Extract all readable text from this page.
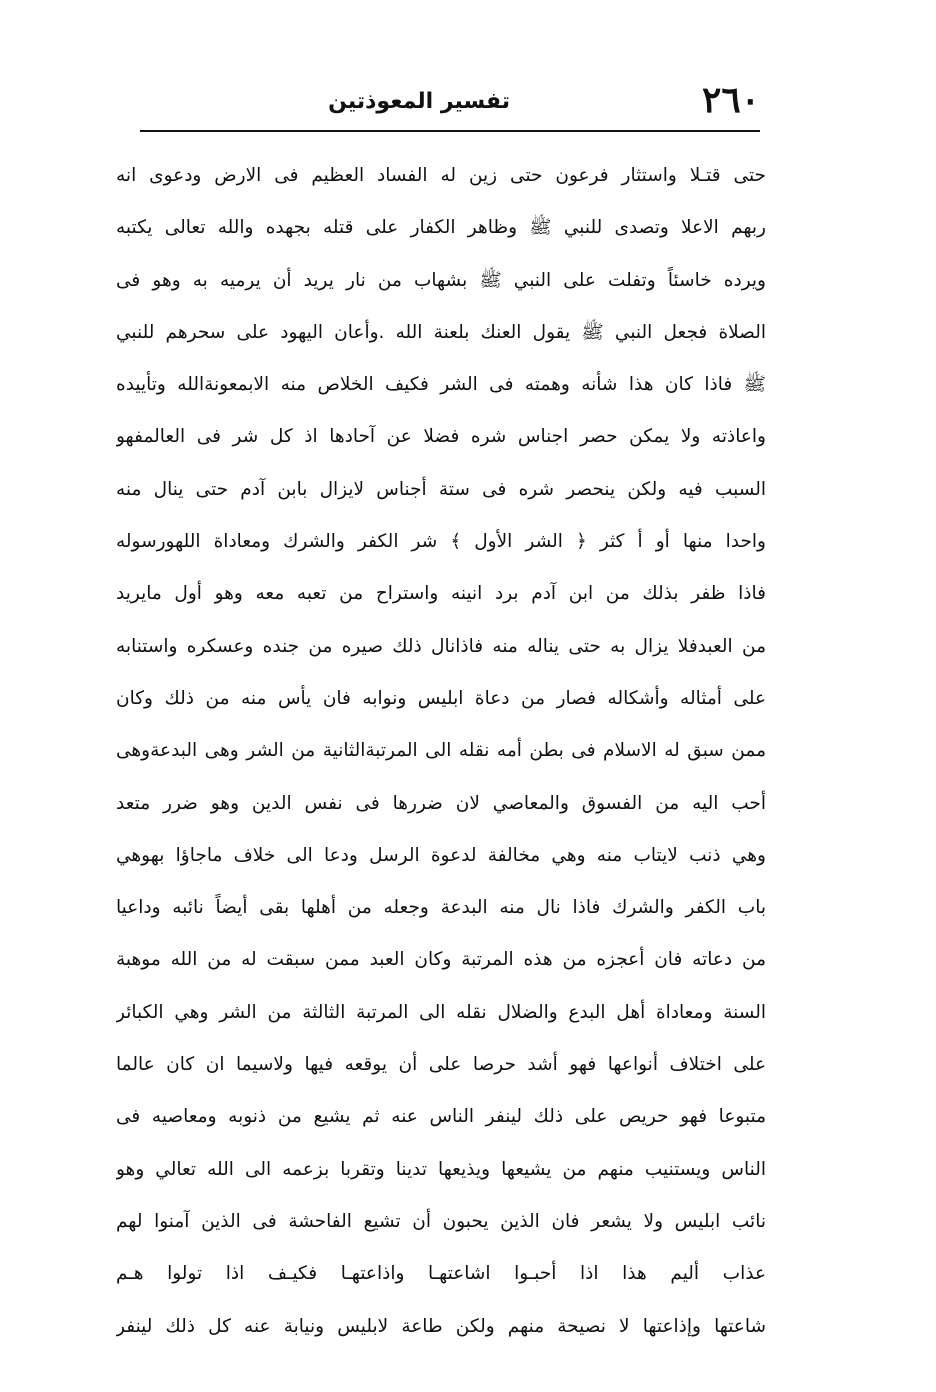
٢٦٠
تفسير المعوذتين
حتى قتـلا واستثار فرعون حتى زين له الفساد العظيم فى الارض ودعوى انه
ربهم الاعلا وتصدى للنبي ﷺ وظاهر الكفار على قتله بجهده والله تعالى يكتبه
ويرده خاسئاً وتفلت على النبي ﷺ بشهاب من نار يريد أن يرميه به وهو فى
الصلاة فجعل النبي ﷺ يقول العنك بلعنة الله .وأعان اليهود على سحرهم للنبي
ﷺ فاذا كان هذا شأنه وهمته فى الشر فكيف الخلاص منه الابمعونةالله وتأييده
واعاذته ولا يمكن حصر اجناس شره فضلا عن آحادها اذ كل شر فى العالمفهو
السبب فيه ولكن ينحصر شره فى ستة أجناس لايزال بابن آدم حتى ينال منه
واحدا منها أو أ كثر ﴿ الشر الأول ﴾ شر الكفر والشرك ومعاداة اللهورسوله
فاذا ظفر بذلك من ابن آدم برد انينه واستراح من تعبه معه وهو أول مايريد
من العبدفلا يزال به حتى يناله منه فاذانال ذلك صيره من جنده وعسكره واستنابه
على أمثاله وأشكاله فصار من دعاة ابليس ونوابه فان يأس منه من ذلك وكان
ممن سبق له الاسلام فى بطن أمه نقله الى المرتبةالثانية من الشر وهى البدعةوهى
أحب اليه من الفسوق والمعاصي لان ضررها فى نفس الدين وهو ضرر متعد
وهي ذنب لايتاب منه وهي مخالفة لدعوة الرسل ودعا الى خلاف ماجاؤا بهوهي
باب الكفر والشرك فاذا نال منه البدعة وجعله من أهلها بقى أيضاً نائبه وداعيا
من دعاته فان أعجزه من هذه المرتبة وكان العبد ممن سبقت له من الله موهبة
السنة ومعاداة أهل البدع والضلال نقله الى المرتبة الثالثة من الشر وهي الكبائر
على اختلاف أنواعها فهو أشد حرصا على أن يوقعه فيها ولاسيما ان كان عالما
متبوعا فهو حريص على ذلك لينفر الناس عنه ثم يشيع من ذنوبه ومعاصيه فى
الناس ويستنيب منهم من يشيعها ويذيعها تدينا وتقربا بزعمه الى الله تعالي وهو
نائب ابليس ولا يشعر فان الذين يحبون أن تشيع الفاحشة فى الذين آمنوا لهم
عذاب أليم هذا اذا أحبـوا اشاعتهـا واذاعتهـا فكيـف اذا تولوا هـم
شاعتها وإذاعتها لا نصيحة منهم ولكن طاعة لابليس ونيابة عنه كل ذلك لينفر
